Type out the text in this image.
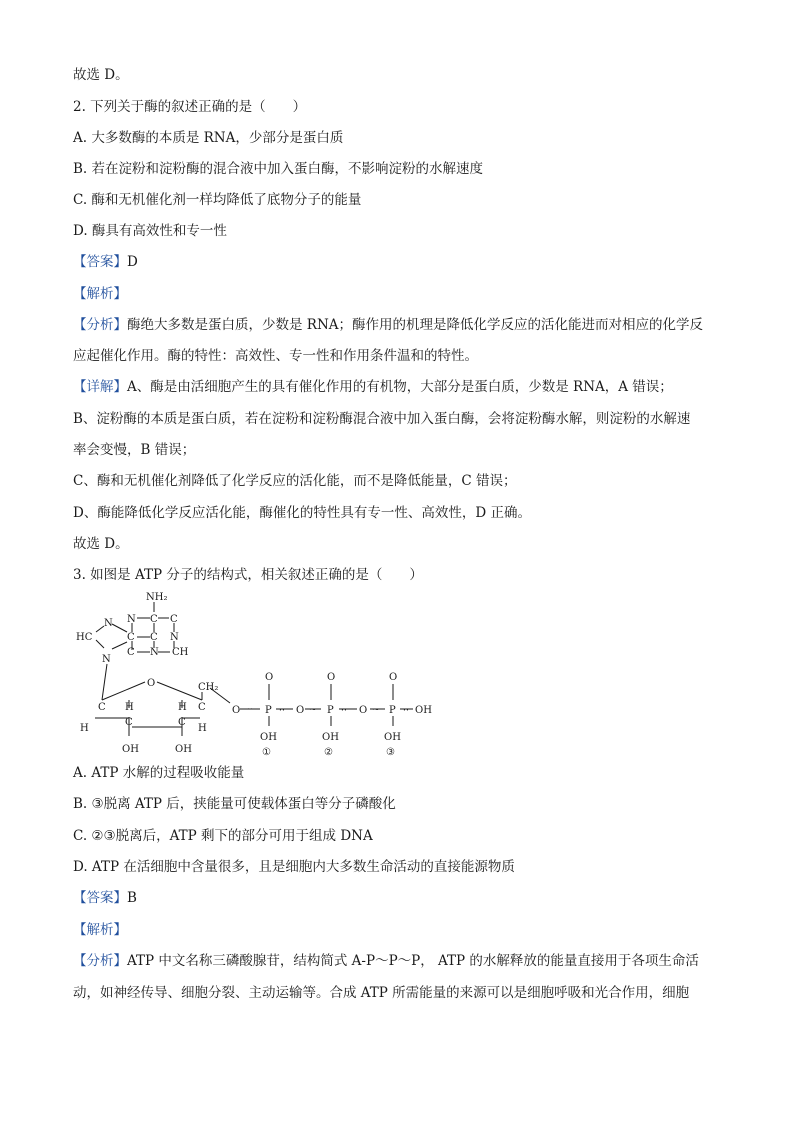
故选 D。
2. 下列关于酶的叙述正确的是（　　）
A. 大多数酶的本质是 RNA，少部分是蛋白质
B. 若在淀粉和淀粉酶的混合液中加入蛋白酶，不影响淀粉的水解速度
C. 酶和无机催化剂一样均降低了底物分子的能量
D. 酶具有高效性和专一性
【答案】D
【解析】
【分析】酶绝大多数是蛋白质，少数是 RNA；酶作用的机理是降低化学反应的活化能进而对相应的化学反
应起催化作用。酶的特性：高效性、专一性和作用条件温和的特性。
【详解】A、酶是由活细胞产生的具有催化作用的有机物，大部分是蛋白质，少数是 RNA，A 错误；
B、淀粉酶的本质是蛋白质，若在淀粉和淀粉酶混合液中加入蛋白酶，会将淀粉酶水解，则淀粉的水解速
率会变慢，B 错误；
C、酶和无机催化剂降低了化学反应的活化能，而不是降低能量，C 错误；
D、酶能降低化学反应活化能，酶催化的特性具有专一性、高效性，D 正确。
故选 D。
3. 如图是 ATP 分子的结构式，相关叙述正确的是（　　）
NH₂
N C C
HC	C C N
N
C N CH
N
O	CH₂
C H	H C
H
C	C
H
OH	OH
O
O
P
OH
①
O
O
P
OH
②
O
O
P OH
OH
③
· ·	· ·	~	· ·	~	· ·
A. ATP 水解的过程吸收能量
B. ③脱离 ATP 后，挟能量可使载体蛋白等分子磷酸化
C. ②③脱离后，ATP 剩下的部分可用于组成 DNA
D. ATP 在活细胞中含量很多，且是细胞内大多数生命活动的直接能源物质
【答案】B
【解析】
【分析】ATP 中文名称三磷酸腺苷，结构简式 A-P～P～P， ATP 的水解释放的能量直接用于各项生命活
动，如神经传导、细胞分裂、主动运输等。合成 ATP 所需能量的来源可以是细胞呼吸和光合作用，细胞
